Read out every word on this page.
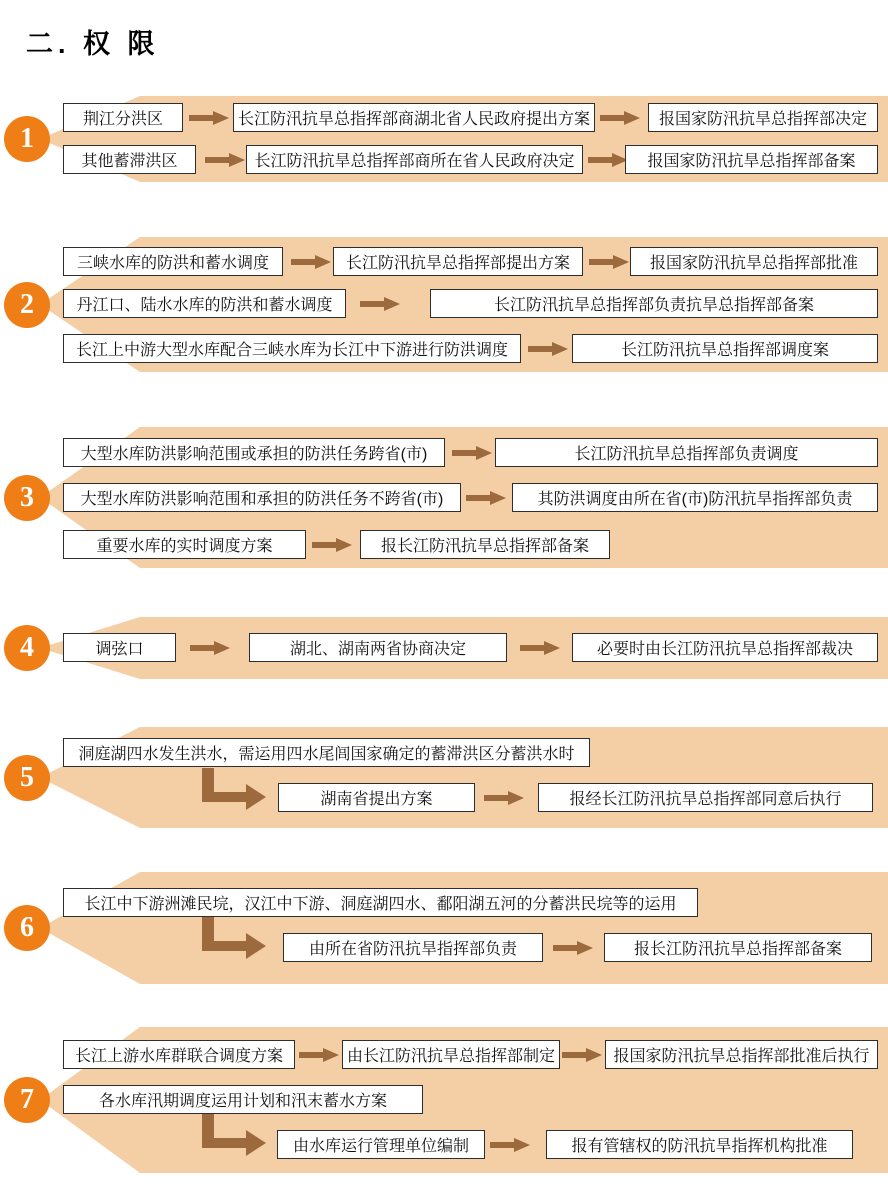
二. 权 限
1
荆江分洪区	长江防汛抗旱总指挥部商湖北省人民政府提出方案	报国家防汛抗旱总指挥部决定
其他蓄滞洪区	长江防汛抗旱总指挥部商所在省人民政府决定	报国家防汛抗旱总指挥部备案
2
三峡水库的防洪和蓄水调度	长江防汛抗旱总指挥部提出方案	报国家防汛抗旱总指挥部批准
丹江口、陆水水库的防洪和蓄水调度	长江防汛抗旱总指挥部负责抗旱总指挥部备案
长江上中游大型水库配合三峡水库为长江中下游进行防洪调度	长江防汛抗旱总指挥部调度案
3
大型水库防洪影响范围或承担的防洪任务跨省(市)	长江防汛抗旱总指挥部负责调度
大型水库防洪影响范围和承担的防洪任务不跨省(市)	其防洪调度由所在省(市)防汛抗旱指挥部负责
重要水库的实时调度方案	报长江防汛抗旱总指挥部备案
4	调弦口	湖北、湖南两省协商决定	必要时由长江防汛抗旱总指挥部裁决
5
洞庭湖四水发生洪水，需运用四水尾闾国家确定的蓄滞洪区分蓄洪水时
湖南省提出方案	报经长江防汛抗旱总指挥部同意后执行
6
长江中下游洲滩民垸，汉江中下游、洞庭湖四水、鄱阳湖五河的分蓄洪民垸等的运用
由所在省防汛抗旱指挥部负责	报长江防汛抗旱总指挥部备案
7
长江上游水库群联合调度方案	由长江防汛抗旱总指挥部制定	报国家防汛抗旱总指挥部批准后执行
各水库汛期调度运用计划和汛末蓄水方案
由水库运行管理单位编制	报有管辖权的防汛抗旱指挥机构批准
